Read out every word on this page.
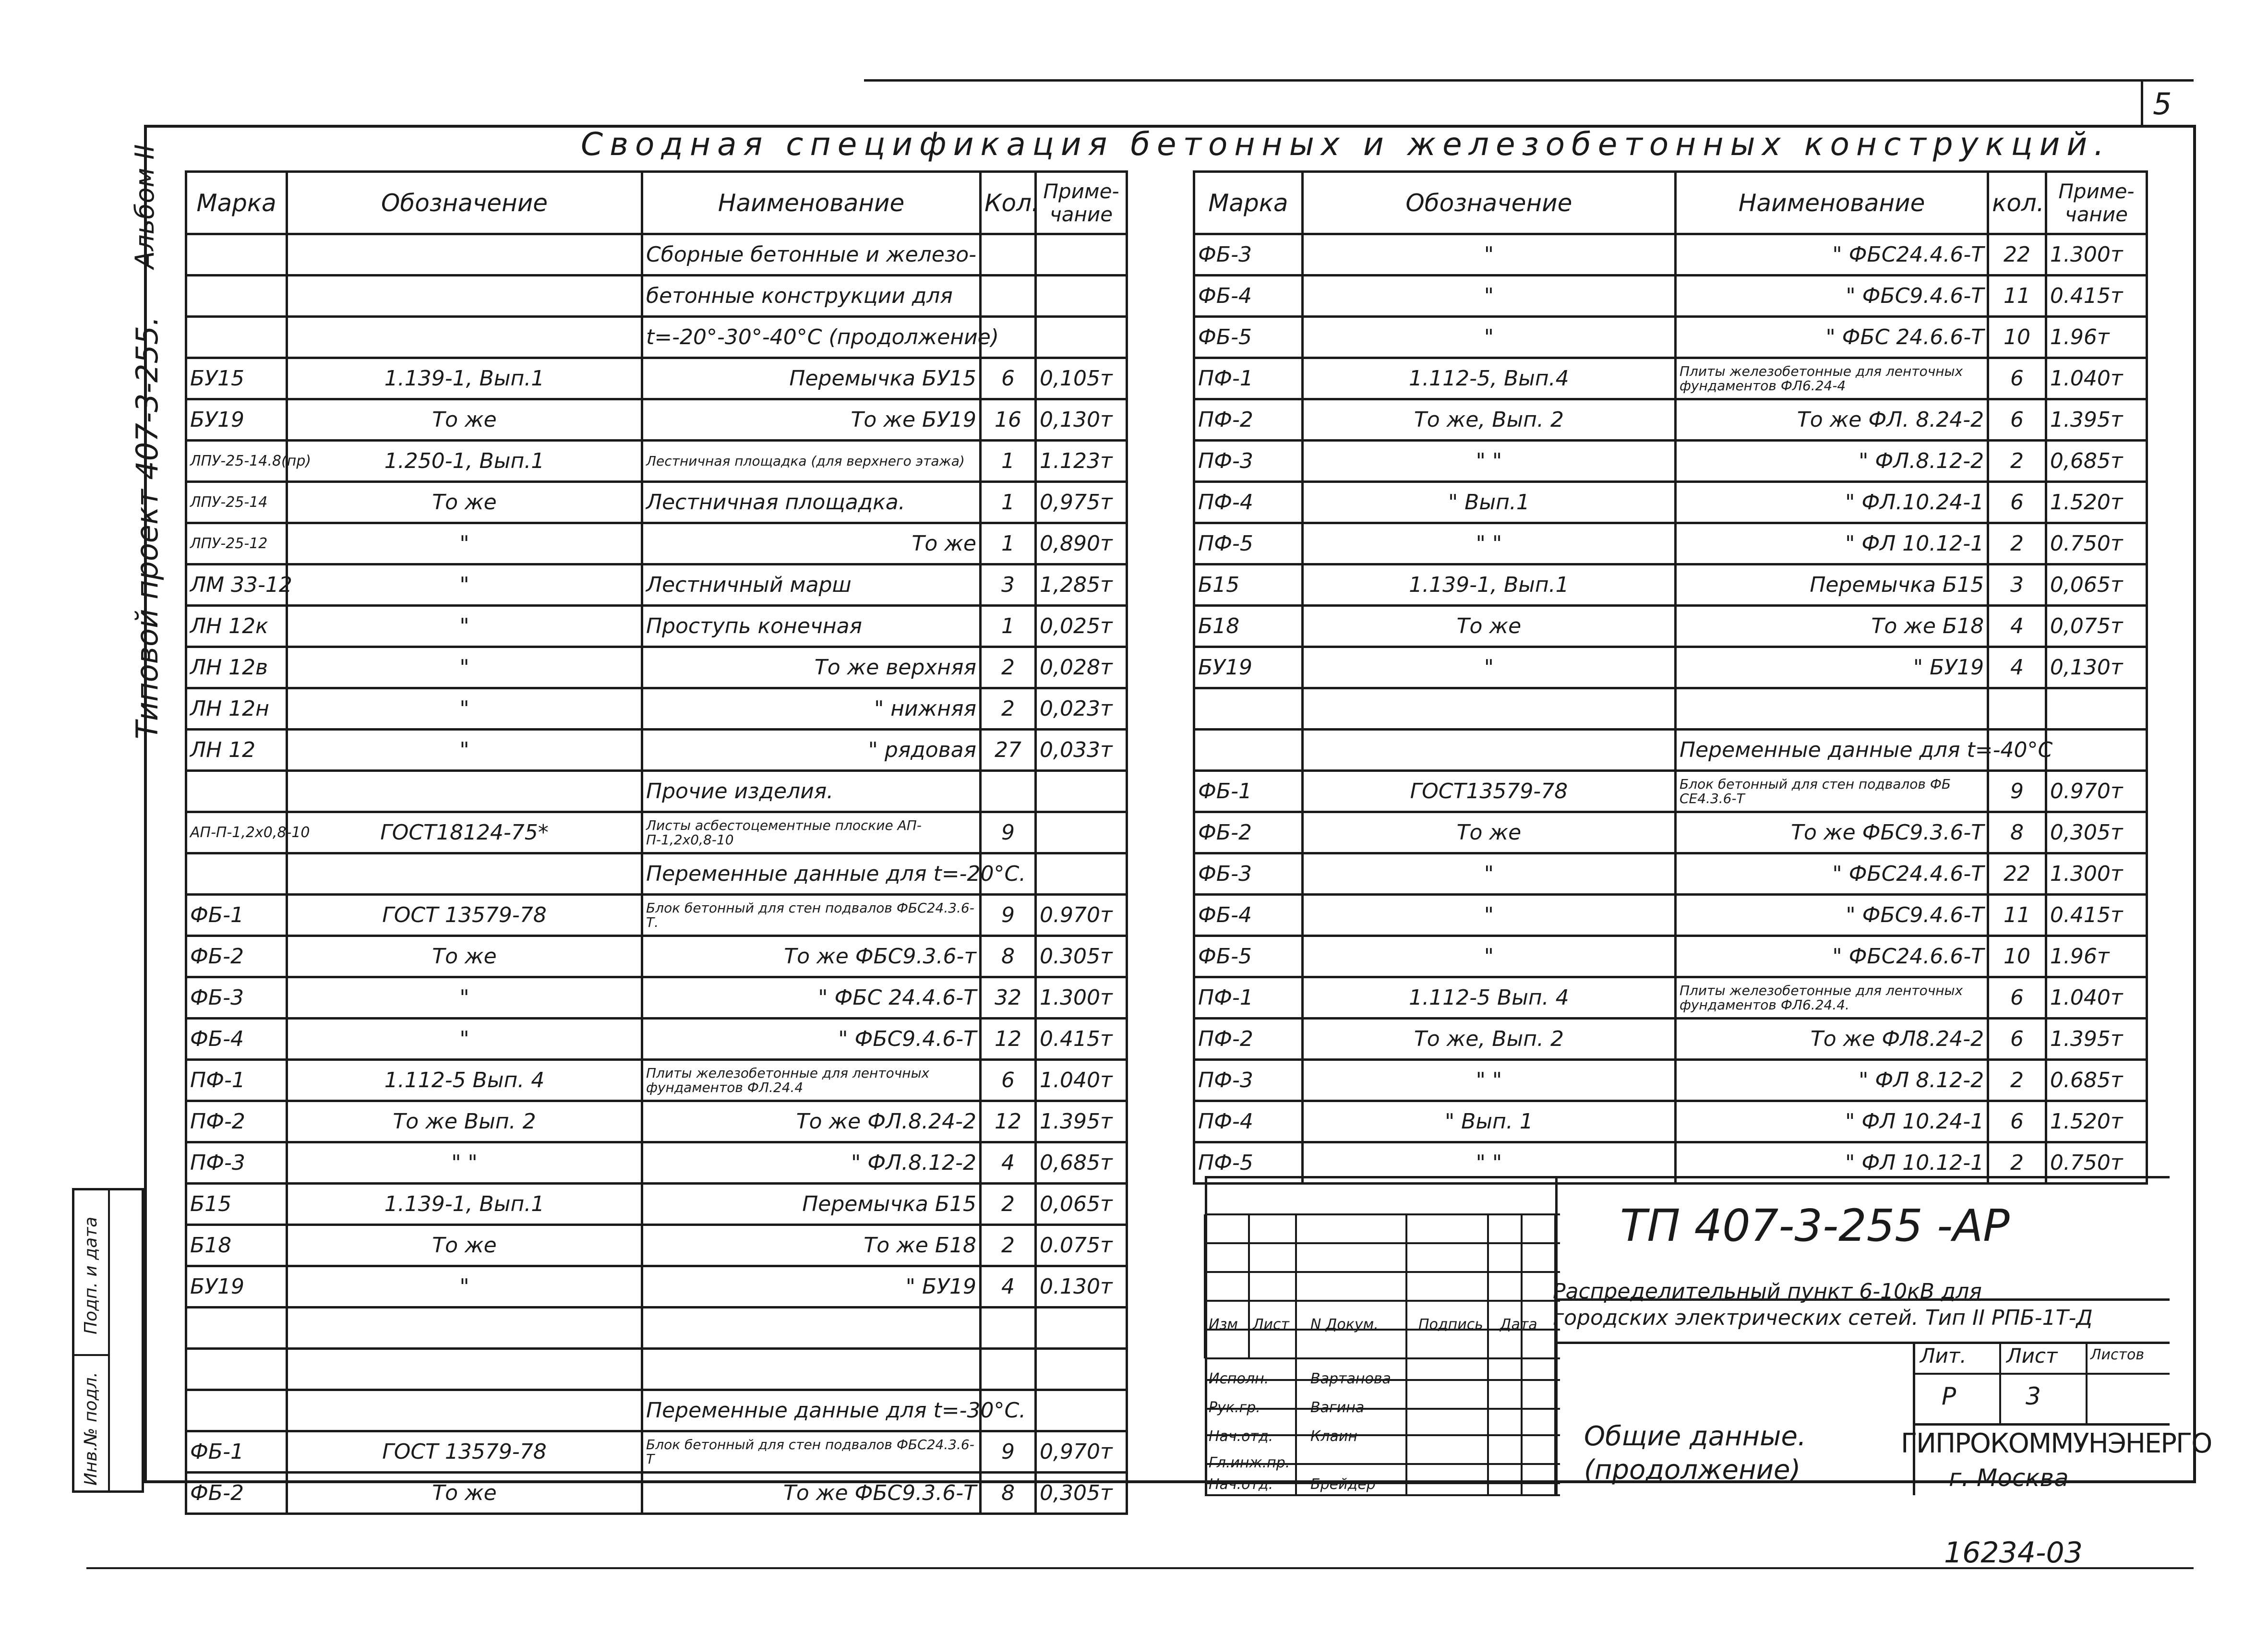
5
Альбом II
Типовой проект 407-3-255.
Подп. и дата
Инв.№ подл.
Сводная спецификация бетонных и железобетонных конструкций.
Марка	Обозначение	Наименование	Кол.	Приме-чание
		Сборные бетонные и железо-		
		бетонные конструкции для		
		t=-20°-30°-40°С (продолжение)		
БУ15	1.139-1, Вып.1	Перемычка БУ15	6	0,105т
БУ19	То же	То же БУ19	16	0,130т
ЛПУ-25-14.8(пр)	1.250-1, Вып.1	Лестничная площадка (для верхнего этажа)	1	1.123т
ЛПУ-25-14	То же	Лестничная площадка.	1	0,975т
ЛПУ-25-12	"	То же	1	0,890т
ЛМ 33-12	"	Лестничный марш	3	1,285т
ЛН 12к	"	Проступь конечная	1	0,025т
ЛН 12в	"	То же верхняя	2	0,028т
ЛН 12н	"	" нижняя	2	0,023т
ЛН 12	"	" рядовая	27	0,033т
		Прочие изделия.		
АП-П-1,2х0,8-10	ГОСТ18124-75*	Листы асбестоцементные плоские АП-П-1,2х0,8-10	9	
		Переменные данные для t=-20°С.		
ФБ-1	ГОСТ 13579-78	Блок бетонный для стен подвалов ФБС24.3.6-Т.	9	0.970т
ФБ-2	То же	То же ФБС9.3.6-т	8	0.305т
ФБ-3	"	" ФБС 24.4.6-Т	32	1.300т
ФБ-4	"	" ФБС9.4.6-Т	12	0.415т
ПФ-1	1.112-5 Вып. 4	Плиты железобетонные для ленточных фундаментов ФЛ.24.4	6	1.040т
ПФ-2	То же Вып. 2	То же ФЛ.8.24-2	12	1.395т
ПФ-3	" "	" ФЛ.8.12-2	4	0,685т
Б15	1.139-1, Вып.1	Перемычка Б15	2	0,065т
Б18	То же	То же Б18	2	0.075т
БУ19	"	" БУ19	4	0.130т

		Переменные данные для t=-30°С.		
ФБ-1	ГОСТ 13579-78	Блок бетонный для стен подвалов ФБС24.3.6-Т	9	0,970т
ФБ-2	То же	То же ФБС9.3.6-Т	8	0,305т
Марка	Обозначение	Наименование	кол.	Приме-чание
ФБ-3	"	" ФБС24.4.6-Т	22	1.300т
ФБ-4	"	" ФБС9.4.6-Т	11	0.415т
ФБ-5	"	" ФБС 24.6.6-Т	10	1.96т
ПФ-1	1.112-5, Вып.4	Плиты железобетонные для ленточных фундаментов ФЛ6.24-4	6	1.040т
ПФ-2	То же, Вып. 2	То же ФЛ. 8.24-2	6	1.395т
ПФ-3	" "	" ФЛ.8.12-2	2	0,685т
ПФ-4	" Вып.1	" ФЛ.10.24-1	6	1.520т
ПФ-5	" "	" ФЛ 10.12-1	2	0.750т
Б15	1.139-1, Вып.1	Перемычка Б15	3	0,065т
Б18	То же	То же Б18	4	0,075т
БУ19	"	" БУ19	4	0,130т

		Переменные данные для t=-40°С		
ФБ-1	ГОСТ13579-78	Блок бетонный для стен подвалов ФБ СЕ4.3.6-Т	9	0.970т
ФБ-2	То же	То же ФБС9.3.6-Т	8	0,305т
ФБ-3	"	" ФБС24.4.6-Т	22	1.300т
ФБ-4	"	" ФБС9.4.6-Т	11	0.415т
ФБ-5	"	" ФБС24.6.6-Т	10	1.96т
ПФ-1	1.112-5 Вып. 4	Плиты железобетонные для ленточных фундаментов ФЛ6.24.4.	6	1.040т
ПФ-2	То же, Вып. 2	То же ФЛ8.24-2	6	1.395т
ПФ-3	" "	" ФЛ 8.12-2	2	0.685т
ПФ-4	" Вып. 1	" ФЛ 10.24-1	6	1.520т
ПФ-5	" "	" ФЛ 10.12-1	2	0.750т
ТП 407-3-255 -АР
Распределительный пункт 6-10кВ для
городских электрических сетей. Тип II РПБ-1Т-Д
Изм Лист N Докум.	Подпись Дата
Исполн.	Вартанова
Рук.гр.	Вагина
Нач.отд.	Клаин
Гл.инж.пр.
Нач.отд.	Брейдер
Лит. Лист Листов
Р	3
Общие данные.
(продолжение)
ГИПРОКОММУНЭНЕРГО
г. Москва
16234-03
